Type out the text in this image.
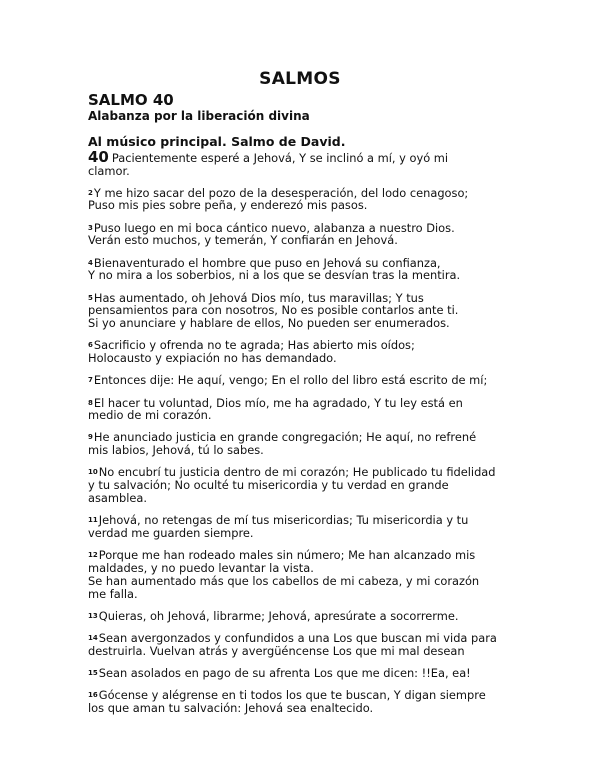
SALMOS
SALMO 40
Alabanza por la liberación divina
Al músico principal. Salmo de David.

40 Pacientemente esperé a Jehová, Y se inclinó a mí, y oyó mi
clamor.

2Y me hizo sacar del pozo de la desesperación, del lodo cenagoso;
Puso mis pies sobre peña, y enderezó mis pasos.

3Puso luego en mi boca cántico nuevo, alabanza a nuestro Dios.
Verán esto muchos, y temerán, Y confiarán en Jehová.

4Bienaventurado el hombre que puso en Jehová su confianza,
Y no mira a los soberbios, ni a los que se desvían tras la mentira.

5Has aumentado, oh Jehová Dios mío, tus maravillas; Y tus
pensamientos para con nosotros, No es posible contarlos ante ti.
Si yo anunciare y hablare de ellos, No pueden ser enumerados.

6Sacrificio y ofrenda no te agrada; Has abierto mis oídos;
Holocausto y expiación no has demandado.

7Entonces dije: He aquí, vengo; En el rollo del libro está escrito de mí;

8El hacer tu voluntad, Dios mío, me ha agradado, Y tu ley está en
medio de mi corazón.

9He anunciado justicia en grande congregación; He aquí, no refrené
mis labios, Jehová, tú lo sabes.

10No encubrí tu justicia dentro de mi corazón; He publicado tu fidelidad
y tu salvación; No oculté tu misericordia y tu verdad en grande
asamblea.

11Jehová, no retengas de mí tus misericordias; Tu misericordia y tu
verdad me guarden siempre.

12Porque me han rodeado males sin número; Me han alcanzado mis
maldades, y no puedo levantar la vista.
Se han aumentado más que los cabellos de mi cabeza, y mi corazón
me falla.

13Quieras, oh Jehová, librarme; Jehová, apresúrate a socorrerme.

14Sean avergonzados y confundidos a una Los que buscan mi vida para
destruirla. Vuelvan atrás y avergüéncense Los que mi mal desean

15Sean asolados en pago de su afrenta Los que me dicen: !!Ea, ea!

16Gócense y alégrense en ti todos los que te buscan, Y digan siempre
los que aman tu salvación: Jehová sea enaltecido.
